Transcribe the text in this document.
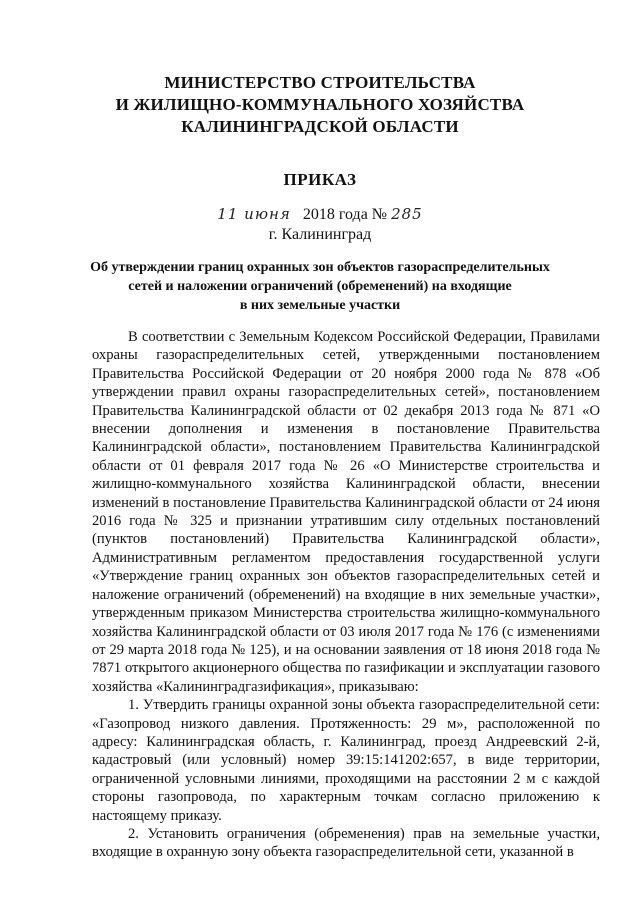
МИНИСТЕРСТВО СТРОИТЕЛЬСТВА
И ЖИЛИЩНО-КОММУНАЛЬНОГО ХОЗЯЙСТВА
КАЛИНИНГРАДСКОЙ ОБЛАСТИ
ПРИКАЗ
11 июня 2018 года № 285
г. Калининград
Об утверждении границ охранных зон объектов газораспределительных
сетей и наложении ограничений (обременений) на входящие
в них земельные участки

В соответствии с Земельным Кодексом Российской Федерации, Правилами охраны газораспределительных сетей, утвержденными постановлением Правительства Российской Федерации от 20 ноября 2000 года № 878 «Об утверждении правил охраны газораспределительных сетей», постановлением Правительства Калининградской области от 02 декабря 2013 года № 871 «О внесении дополнения и изменения в постановление Правительства Калининградской области», постановлением Правительства Калининградской области от 01 февраля 2017 года № 26 «О Министерстве строительства и жилищно-коммунального хозяйства Калининградской области, внесении изменений в постановление Правительства Калининградской области от 24 июня 2016 года № 325 и признании утратившим силу отдельных постановлений (пунктов постановлений) Правительства Калининградской области», Административным регламентом предоставления государственной услуги «Утверждение границ охранных зон объектов газораспределительных сетей и наложение ограничений (обременений) на входящие в них земельные участки», утвержденным приказом Министерства строительства жилищно-коммунального хозяйства Калининградской области от 03 июля 2017 года № 176 (с изменениями от 29 марта 2018 года № 125), и на основании заявления от 18 июня 2018 года № 7871 открытого акционерного общества по газификации и эксплуатации газового хозяйства «Калининградгазификация», приказываю:

1. Утвердить границы охранной зоны объекта газораспределительной сети: «Газопровод низкого давления. Протяженность: 29 м», расположенной по адресу: Калининградская область, г. Калининград, проезд Андреевский 2-й, кадастровый (или условный) номер 39:15:141202:657, в виде территории, ограниченной условными линиями, проходящими на расстоянии 2 м с каждой стороны газопровода, по характерным точкам согласно приложению к настоящему приказу.

2. Установить ограничения (обременения) прав на земельные участки, входящие в охранную зону объекта газораспределительной сети, указанной в
